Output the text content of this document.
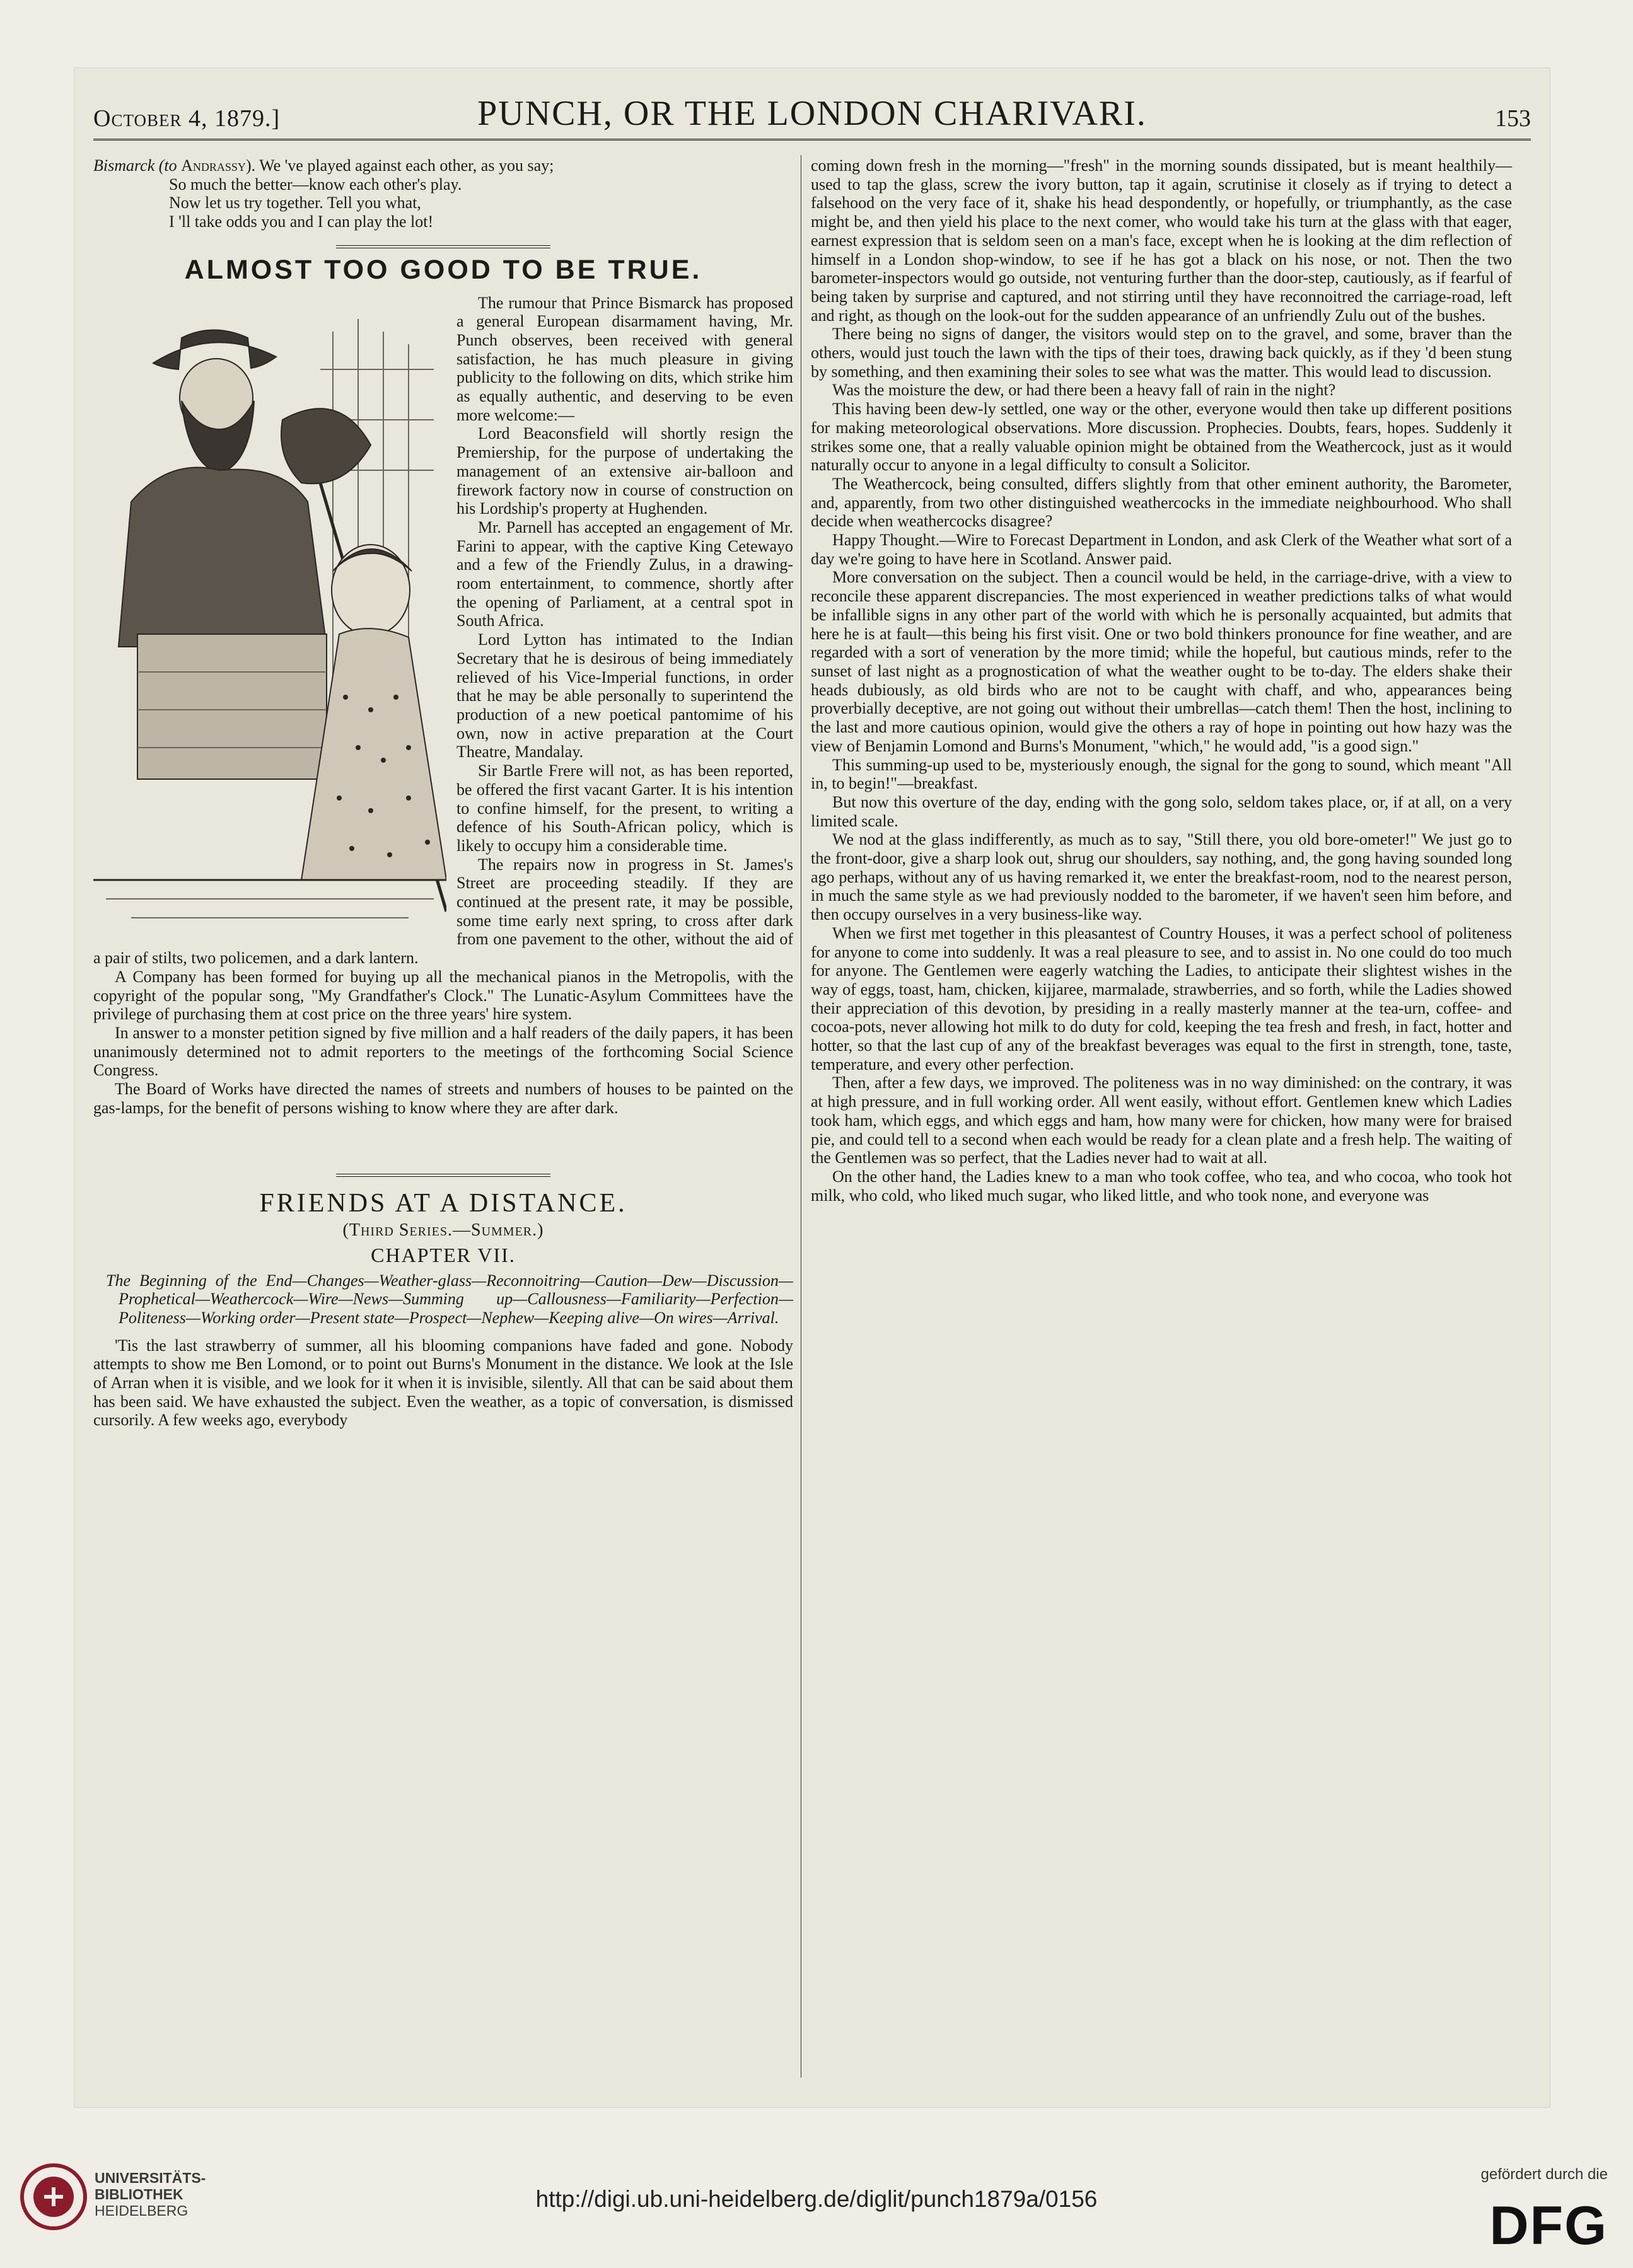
October 4, 1879.]	PUNCH, OR THE LONDON CHARIVARI.	153

Bismarck (to Andrassy). We 've played against each other, as you say;

So much the better—know each other's play.
Now let us try together. Tell you what,
I 'll take odds you and I can play the lot!
ALMOST TOO GOOD TO BE TRUE.

The rumour that Prince Bismarck has proposed a general European disarmament having, Mr. Punch observes, been received with general satisfaction, he has much pleasure in giving publicity to the following on dits, which strike him as equally authentic, and deserving to be even more welcome:—

Lord Beaconsfield will shortly resign the Premiership, for the purpose of undertaking the management of an extensive air-balloon and firework factory now in course of construction on his Lordship's property at Hughenden.

Mr. Parnell has accepted an engagement of Mr. Farini to appear, with the captive King Cetewayo and a few of the Friendly Zulus, in a drawing-room entertainment, to commence, shortly after the opening of Parliament, at a central spot in South Africa.

Lord Lytton has intimated to the Indian Secretary that he is desirous of being immediately relieved of his Vice-Imperial functions, in order that he may be able personally to superintend the production of a new poetical pantomime of his own, now in active preparation at the Court Theatre, Mandalay.

Sir Bartle Frere will not, as has been reported, be offered the first vacant Garter. It is his intention to confine himself, for the present, to writing a defence of his South-African policy, which is likely to occupy him a considerable time.

The repairs now in progress in St. James's Street are proceeding steadily. If they are continued at the present rate, it may be possible, some time early next spring, to cross after dark from one pavement to the other, without the aid of a pair of stilts, two policemen, and a dark lantern.

A Company has been formed for buying up all the mechanical pianos in the Metropolis, with the copyright of the popular song, "My Grandfather's Clock." The Lunatic-Asylum Committees have the privilege of purchasing them at cost price on the three years' hire system.

In answer to a monster petition signed by five million and a half readers of the daily papers, it has been unanimously determined not to admit reporters to the meetings of the forthcoming Social Science Congress.

The Board of Works have directed the names of streets and numbers of houses to be painted on the gas-lamps, for the benefit of persons wishing to know where they are after dark.

FRIENDS AT A DISTANCE.
(Third Series.—Summer.)
CHAPTER VII.

The Beginning of the End—Changes—Weather-glass—Reconnoitring—Caution—Dew—Discussion—Prophetical—Weathercock—Wire—News—Summing up—Callousness—Familiarity—Perfection—Politeness—Working order—Present state—Prospect—Nephew—Keeping alive—On wires—Arrival.

'Tis the last strawberry of summer, all his blooming companions have faded and gone. Nobody attempts to show me Ben Lomond, or to point out Burns's Monument in the distance. We look at the Isle of Arran when it is visible, and we look for it when it is invisible, silently. All that can be said about them has been said. We have exhausted the subject. Even the weather, as a topic of conversation, is dismissed cursorily. A few weeks ago, everybody

coming down fresh in the morning—"fresh" in the morning sounds dissipated, but is meant healthily—used to tap the glass, screw the ivory button, tap it again, scrutinise it closely as if trying to detect a falsehood on the very face of it, shake his head despondently, or hopefully, or triumphantly, as the case might be, and then yield his place to the next comer, who would take his turn at the glass with that eager, earnest expression that is seldom seen on a man's face, except when he is looking at the dim reflection of himself in a London shop-window, to see if he has got a black on his nose, or not. Then the two barometer-inspectors would go outside, not venturing further than the door-step, cautiously, as if fearful of being taken by surprise and captured, and not stirring until they have reconnoitred the carriage-road, left and right, as though on the look-out for the sudden appearance of an unfriendly Zulu out of the bushes.

There being no signs of danger, the visitors would step on to the gravel, and some, braver than the others, would just touch the lawn with the tips of their toes, drawing back quickly, as if they 'd been stung by something, and then examining their soles to see what was the matter. This would lead to discussion.

Was the moisture the dew, or had there been a heavy fall of rain in the night?

This having been dew-ly settled, one way or the other, everyone would then take up different positions for making meteorological observations. More discussion. Prophecies. Doubts, fears, hopes. Suddenly it strikes some one, that a really valuable opinion might be obtained from the Weathercock, just as it would naturally occur to anyone in a legal difficulty to consult a Solicitor.

The Weathercock, being consulted, differs slightly from that other eminent authority, the Barometer, and, apparently, from two other distinguished weathercocks in the immediate neighbourhood. Who shall decide when weathercocks disagree?

Happy Thought.—Wire to Forecast Department in London, and ask Clerk of the Weather what sort of a day we're going to have here in Scotland. Answer paid.

More conversation on the subject. Then a council would be held, in the carriage-drive, with a view to reconcile these apparent discrepancies. The most experienced in weather predictions talks of what would be infallible signs in any other part of the world with which he is personally acquainted, but admits that here he is at fault—this being his first visit. One or two bold thinkers pronounce for fine weather, and are regarded with a sort of veneration by the more timid; while the hopeful, but cautious minds, refer to the sunset of last night as a prognostication of what the weather ought to be to-day. The elders shake their heads dubiously, as old birds who are not to be caught with chaff, and who, appearances being proverbially deceptive, are not going out without their umbrellas—catch them! Then the host, inclining to the last and more cautious opinion, would give the others a ray of hope in pointing out how hazy was the view of Benjamin Lomond and Burns's Monument, "which," he would add, "is a good sign."

This summing-up used to be, mysteriously enough, the signal for the gong to sound, which meant "All in, to begin!"—breakfast.

But now this overture of the day, ending with the gong solo, seldom takes place, or, if at all, on a very limited scale.

We nod at the glass indifferently, as much as to say, "Still there, you old bore-ometer!" We just go to the front-door, give a sharp look out, shrug our shoulders, say nothing, and, the gong having sounded long ago perhaps, without any of us having remarked it, we enter the breakfast-room, nod to the nearest person, in much the same style as we had previously nodded to the barometer, if we haven't seen him before, and then occupy ourselves in a very business-like way.

When we first met together in this pleasantest of Country Houses, it was a perfect school of politeness for anyone to come into suddenly. It was a real pleasure to see, and to assist in. No one could do too much for anyone. The Gentlemen were eagerly watching the Ladies, to anticipate their slightest wishes in the way of eggs, toast, ham, chicken, kijjaree, marmalade, strawberries, and so forth, while the Ladies showed their appreciation of this devotion, by presiding in a really masterly manner at the tea-urn, coffee- and cocoa-pots, never allowing hot milk to do duty for cold, keeping the tea fresh and fresh, in fact, hotter and hotter, so that the last cup of any of the breakfast beverages was equal to the first in strength, tone, taste, temperature, and every other perfection.

Then, after a few days, we improved. The politeness was in no way diminished: on the contrary, it was at high pressure, and in full working order. All went easily, without effort. Gentlemen knew which Ladies took ham, which eggs, and which eggs and ham, how many were for chicken, how many were for braised pie, and could tell to a second when each would be ready for a clean plate and a fresh help. The waiting of the Gentlemen was so perfect, that the Ladies never had to wait at all.

On the other hand, the Ladies knew to a man who took coffee, who tea, and who cocoa, who took hot milk, who cold, who liked much sugar, who liked little, and who took none, and everyone was

UNIVERSITÄTS-
BIBLIOTHEK
HEIDELBERG	http://digi.ub.uni-heidelberg.de/diglit/punch1879a/0156
gefördert durch die
DFG
